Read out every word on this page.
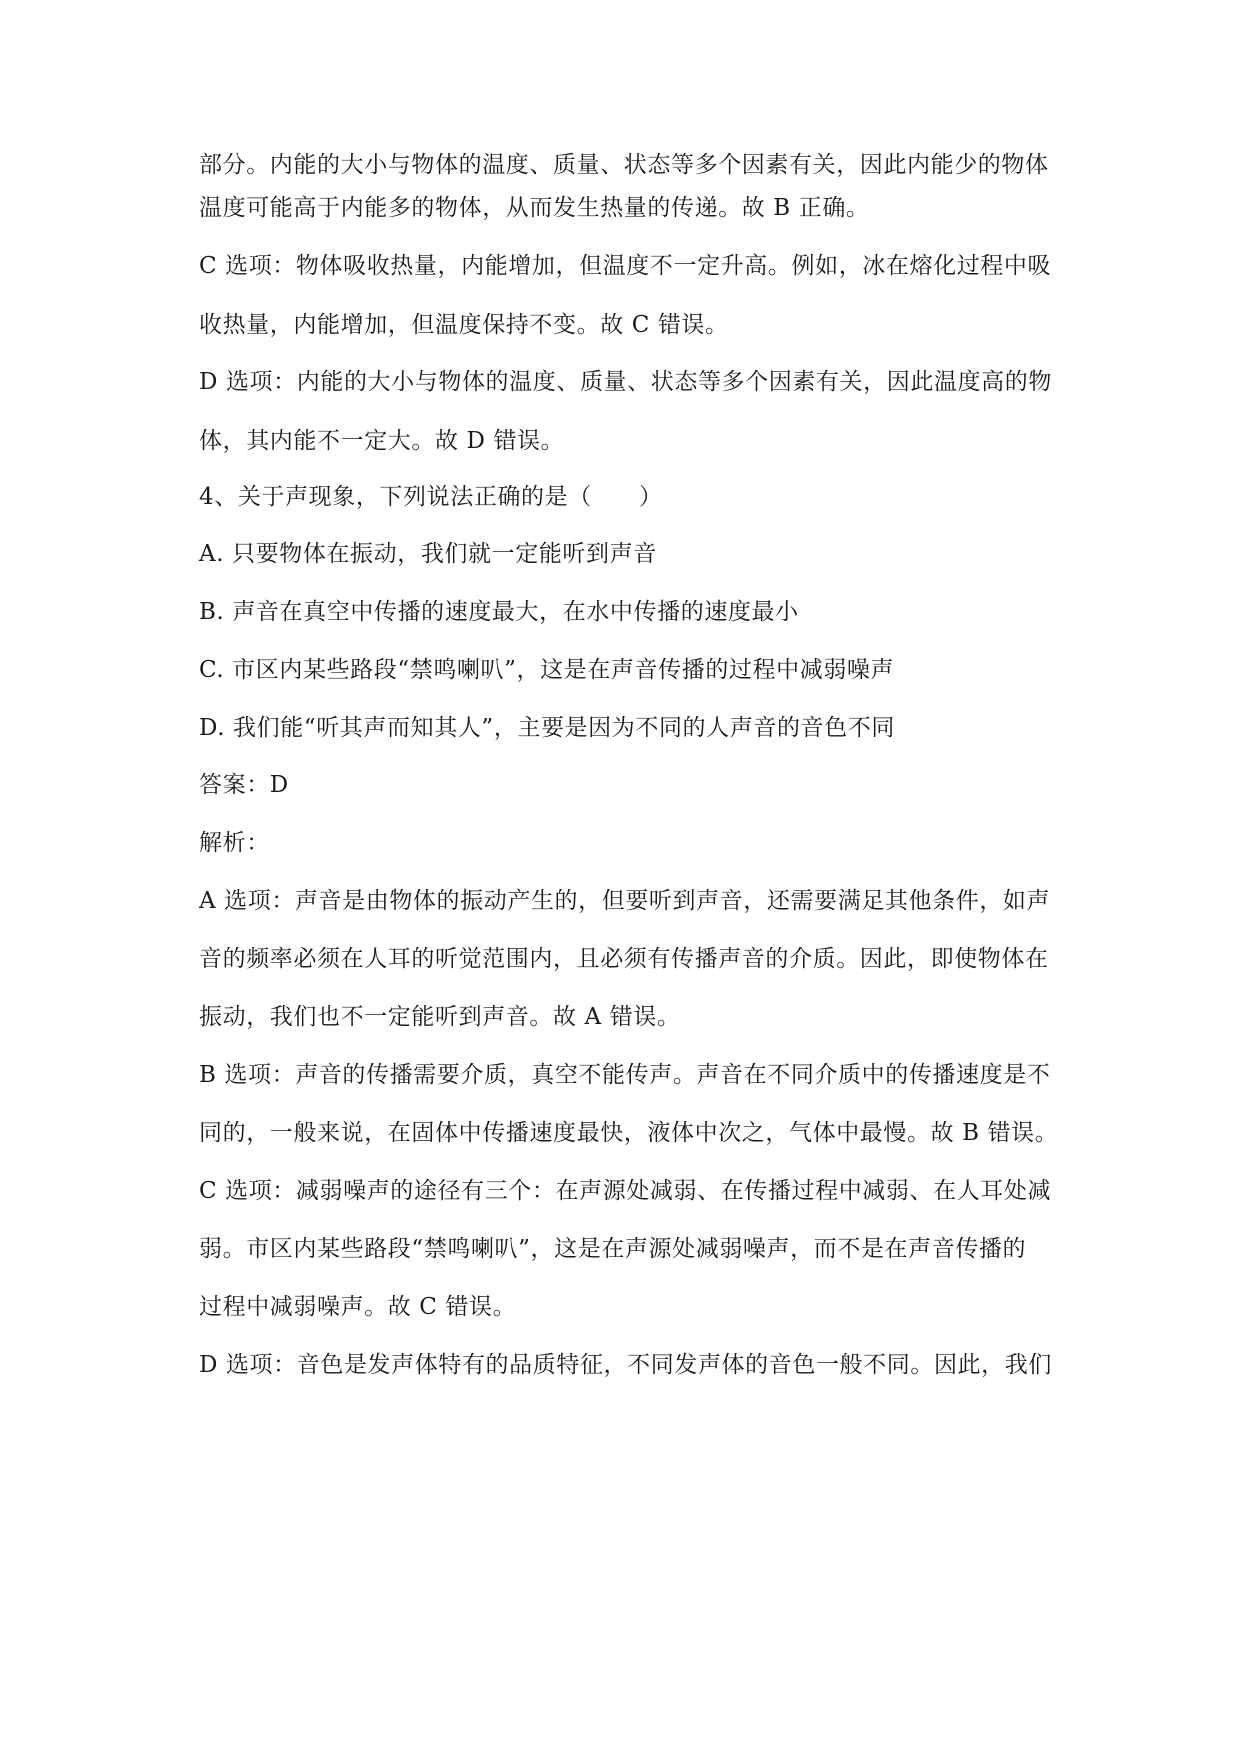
部分。内能的大小与物体的温度、质量、状态等多个因素有关，因此内能少的物体
温度可能高于内能多的物体，从而发生热量的传递。故 B 正确。
C 选项：物体吸收热量，内能增加，但温度不一定升高。例如，冰在熔化过程中吸
收热量，内能增加，但温度保持不变。故 C 错误。
D 选项：内能的大小与物体的温度、质量、状态等多个因素有关，因此温度高的物
体，其内能不一定大。故 D 错误。
4、关于声现象，下列说法正确的是（　　）
A. 只要物体在振动，我们就一定能听到声音
B. 声音在真空中传播的速度最大，在水中传播的速度最小
C. 市区内某些路段“禁鸣喇叭”，这是在声音传播的过程中减弱噪声
D. 我们能“听其声而知其人”，主要是因为不同的人声音的音色不同
答案：D
解析：
A 选项：声音是由物体的振动产生的，但要听到声音，还需要满足其他条件，如声
音的频率必须在人耳的听觉范围内，且必须有传播声音的介质。因此，即使物体在
振动，我们也不一定能听到声音。故 A 错误。
B 选项：声音的传播需要介质，真空不能传声。声音在不同介质中的传播速度是不
同的，一般来说，在固体中传播速度最快，液体中次之，气体中最慢。故 B 错误。
C 选项：减弱噪声的途径有三个：在声源处减弱、在传播过程中减弱、在人耳处减
弱。市区内某些路段“禁鸣喇叭”，这是在声源处减弱噪声，而不是在声音传播的
过程中减弱噪声。故 C 错误。
D 选项：音色是发声体特有的品质特征，不同发声体的音色一般不同。因此，我们
